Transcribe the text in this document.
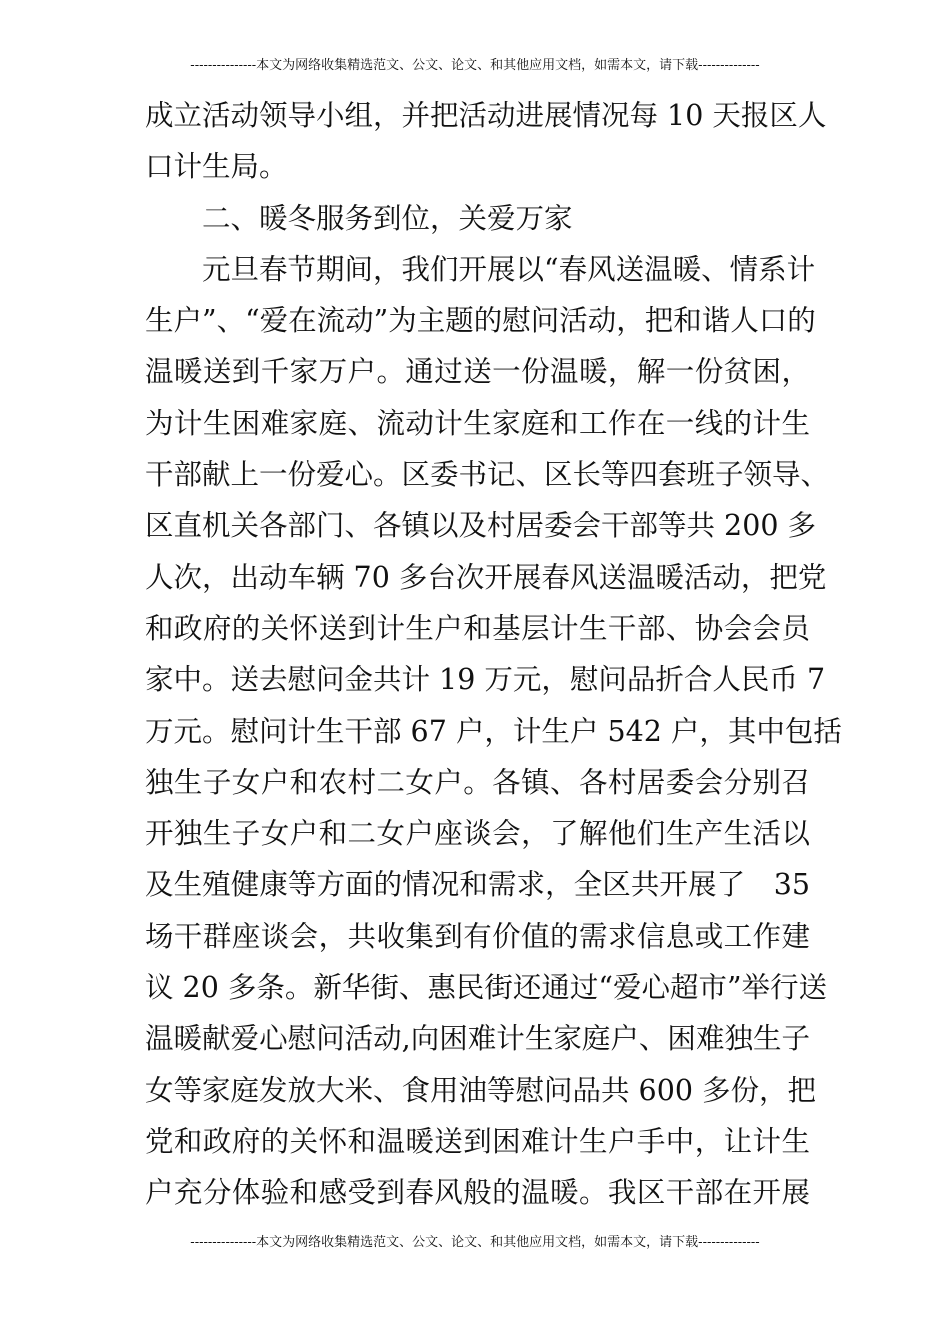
---------------本文为网络收集精选范文、公文、论文、和其他应用文档，如需本文，请下载--------------
成立活动领导小组，并把活动进展情况每 10 天报区人
口计生局。
二、暖冬服务到位，关爱万家
元旦春节期间，我们开展以“春风送温暖、情系计
生户”、“爱在流动”为主题的慰问活动，把和谐人口的
温暖送到千家万户。通过送一份温暖，解一份贫困，
为计生困难家庭、流动计生家庭和工作在一线的计生
干部献上一份爱心。区委书记、区长等四套班子领导、
区直机关各部门、各镇以及村居委会干部等共 200 多
人次，出动车辆 70 多台次开展春风送温暖活动，把党
和政府的关怀送到计生户和基层计生干部、协会会员
家中。送去慰问金共计 19 万元，慰问品折合人民币 7
万元。慰问计生干部 67 户，计生户 542 户，其中包括
独生子女户和农村二女户。各镇、各村居委会分别召
开独生子女户和二女户座谈会，了解他们生产生活以
及生殖健康等方面的情况和需求，全区共开展了　35
场干群座谈会，共收集到有价值的需求信息或工作建
议 20 多条。新华街、惠民街还通过“爱心超市”举行送
温暖献爱心慰问活动,向困难计生家庭户、困难独生子
女等家庭发放大米、食用油等慰问品共 600 多份，把
党和政府的关怀和温暖送到困难计生户手中，让计生
户充分体验和感受到春风般的温暖。我区干部在开展
---------------本文为网络收集精选范文、公文、论文、和其他应用文档，如需本文，请下载--------------
